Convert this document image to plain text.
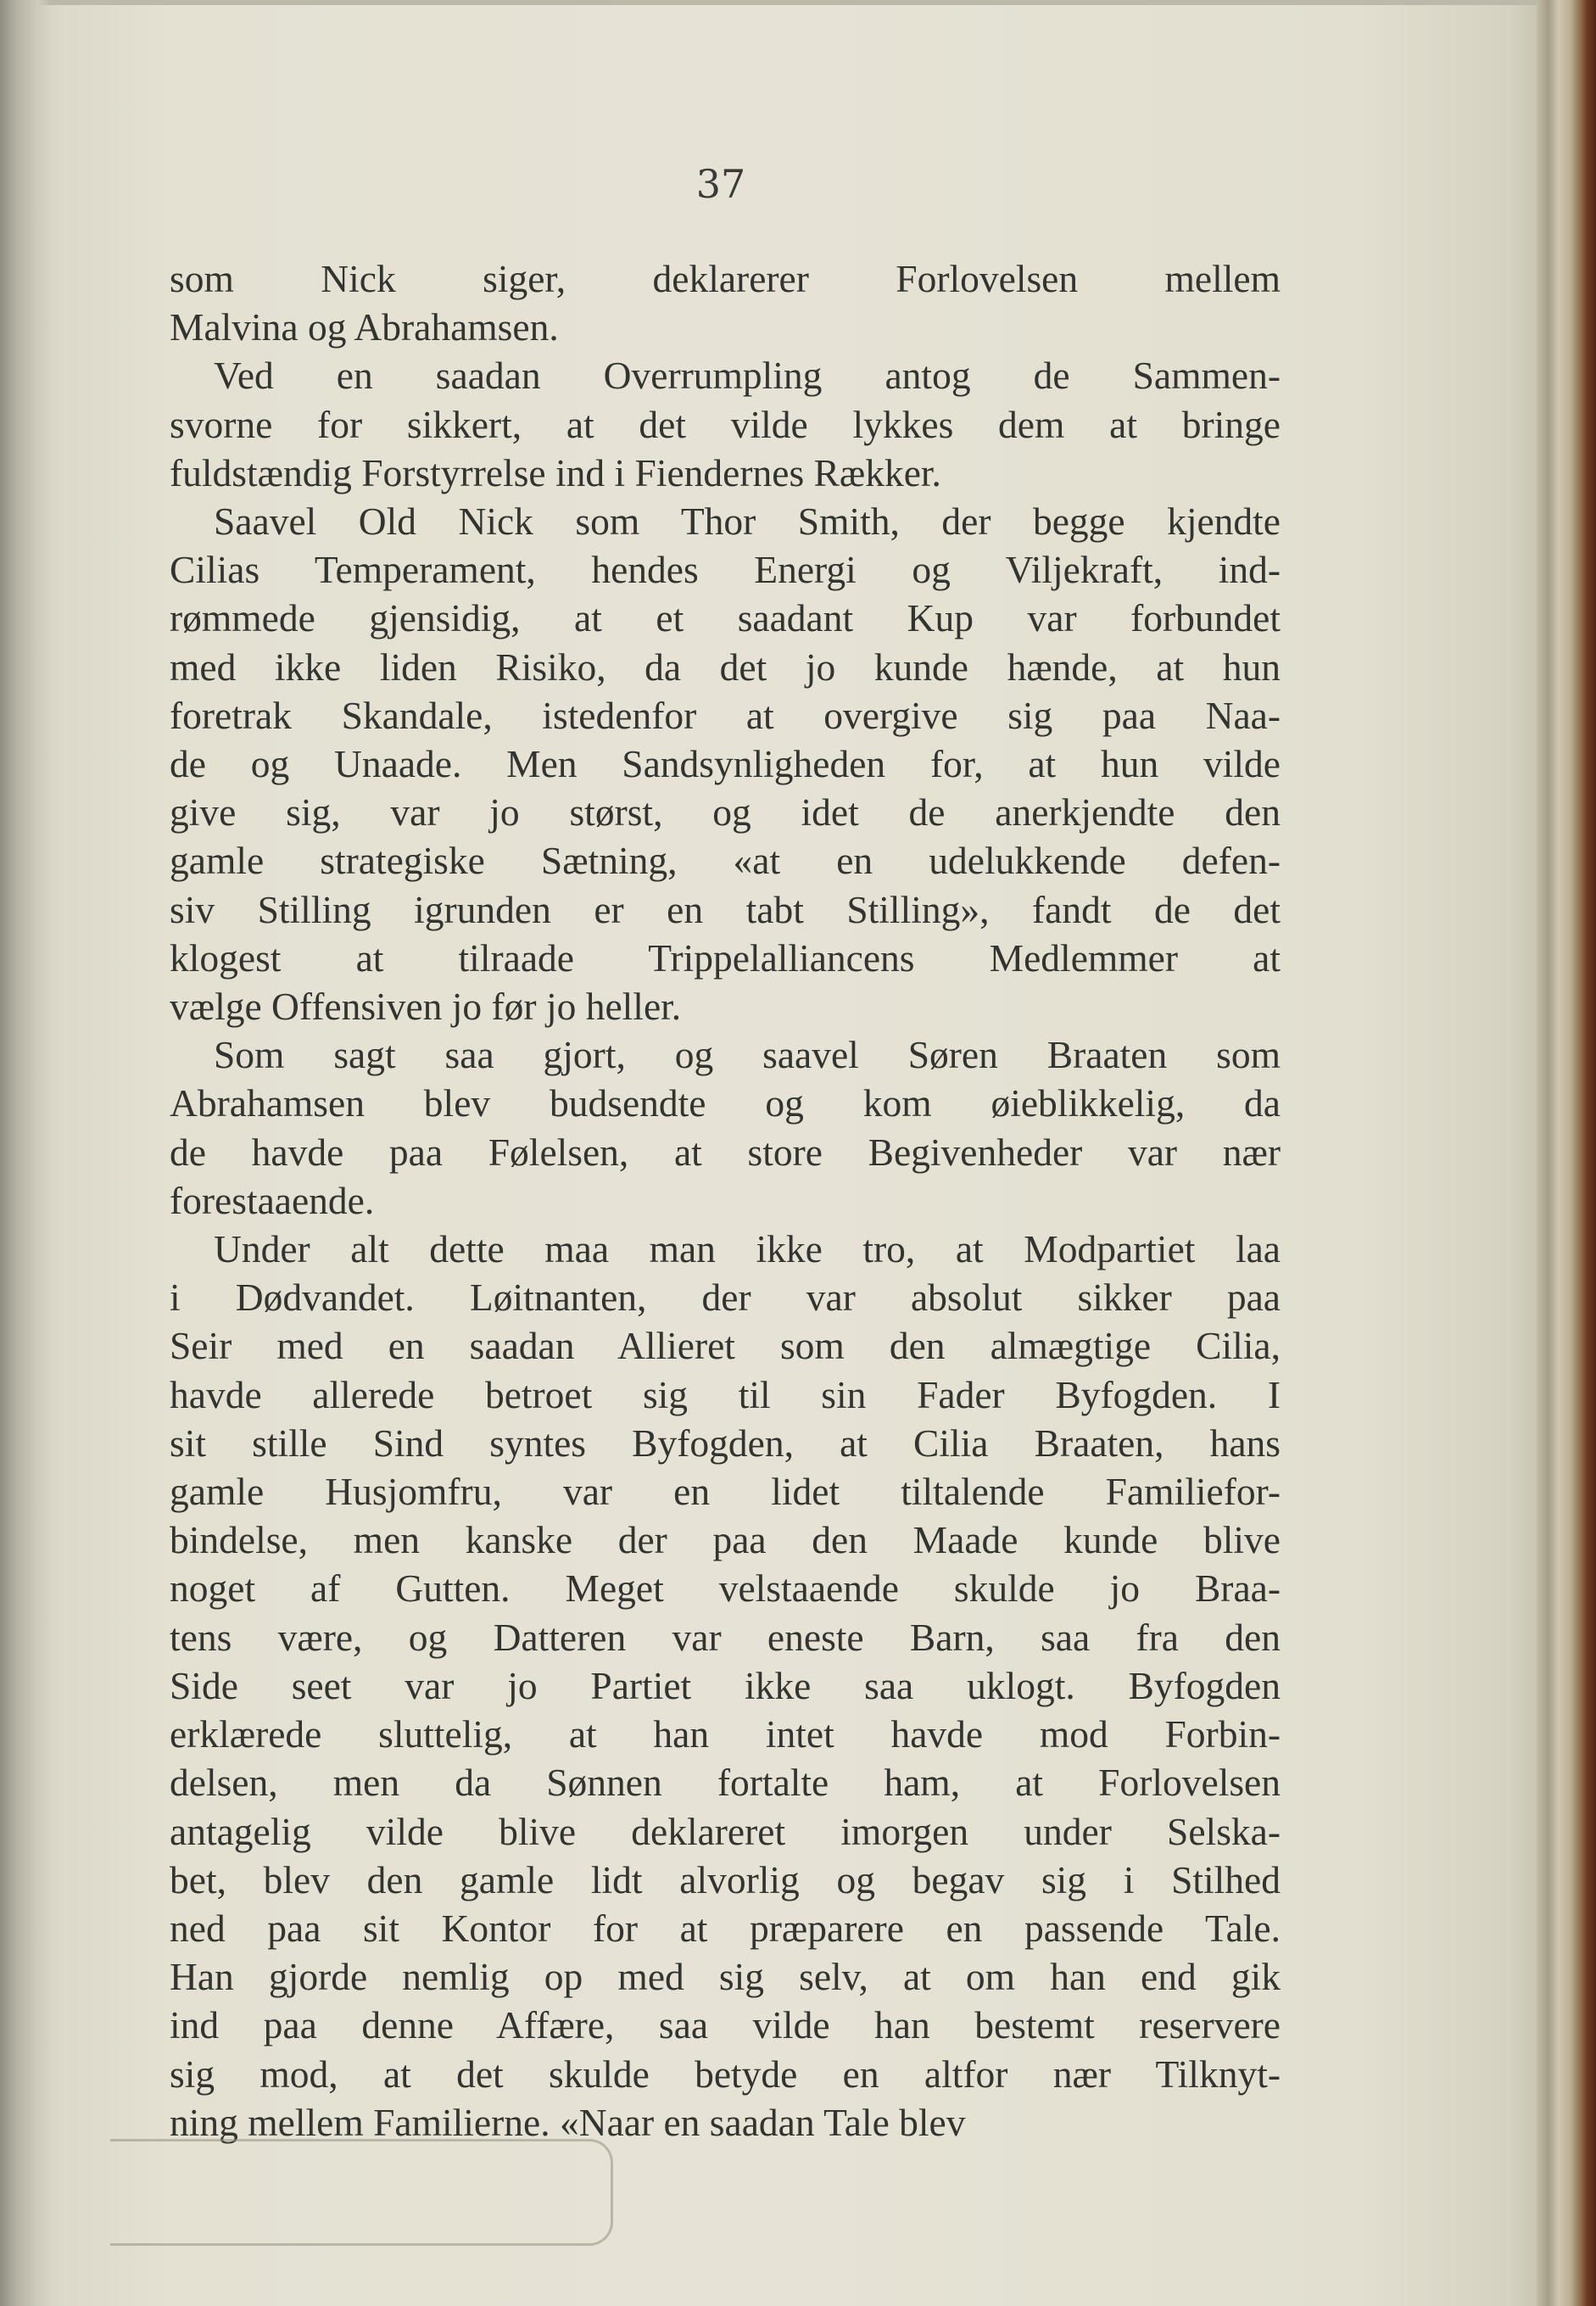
37
som Nick siger, deklarerer Forlovelsen mellem
Malvina og Abrahamsen.
Ved en saadan Overrumpling antog de Sammen-
svorne for sikkert, at det vilde lykkes dem at bringe
fuldstændig Forstyrrelse ind i Fiendernes Rækker.
Saavel Old Nick som Thor Smith, der begge kjendte
Cilias Temperament, hendes Energi og Viljekraft, ind-
rømmede gjensidig, at et saadant Kup var forbundet
med ikke liden Risiko, da det jo kunde hænde, at hun
foretrak Skandale, istedenfor at overgive sig paa Naa-
de og Unaade. Men Sandsynligheden for, at hun vilde
give sig, var jo størst, og idet de anerkjendte den
gamle strategiske Sætning, «at en udelukkende defen-
siv Stilling igrunden er en tabt Stilling», fandt de det
klogest at tilraade Trippelalliancens Medlemmer at
vælge Offensiven jo før jo heller.
Som sagt saa gjort, og saavel Søren Braaten som
Abrahamsen blev budsendte og kom øieblikkelig, da
de havde paa Følelsen, at store Begivenheder var nær
forestaaende.
Under alt dette maa man ikke tro, at Modpartiet laa
i Dødvandet. Løitnanten, der var absolut sikker paa
Seir med en saadan Allieret som den almægtige Cilia,
havde allerede betroet sig til sin Fader Byfogden. I
sit stille Sind syntes Byfogden, at Cilia Braaten, hans
gamle Husjomfru, var en lidet tiltalende Familiefor-
bindelse, men kanske der paa den Maade kunde blive
noget af Gutten. Meget velstaaende skulde jo Braa-
tens være, og Datteren var eneste Barn, saa fra den
Side seet var jo Partiet ikke saa uklogt. Byfogden
erklærede sluttelig, at han intet havde mod Forbin-
delsen, men da Sønnen fortalte ham, at Forlovelsen
antagelig vilde blive deklareret imorgen under Selska-
bet, blev den gamle lidt alvorlig og begav sig i Stilhed
ned paa sit Kontor for at præparere en passende Tale.
Han gjorde nemlig op med sig selv, at om han end gik
ind paa denne Affære, saa vilde han bestemt reservere
sig mod, at det skulde betyde en altfor nær Tilknyt-
ning mellem Familierne. «Naar en saadan Tale blev
